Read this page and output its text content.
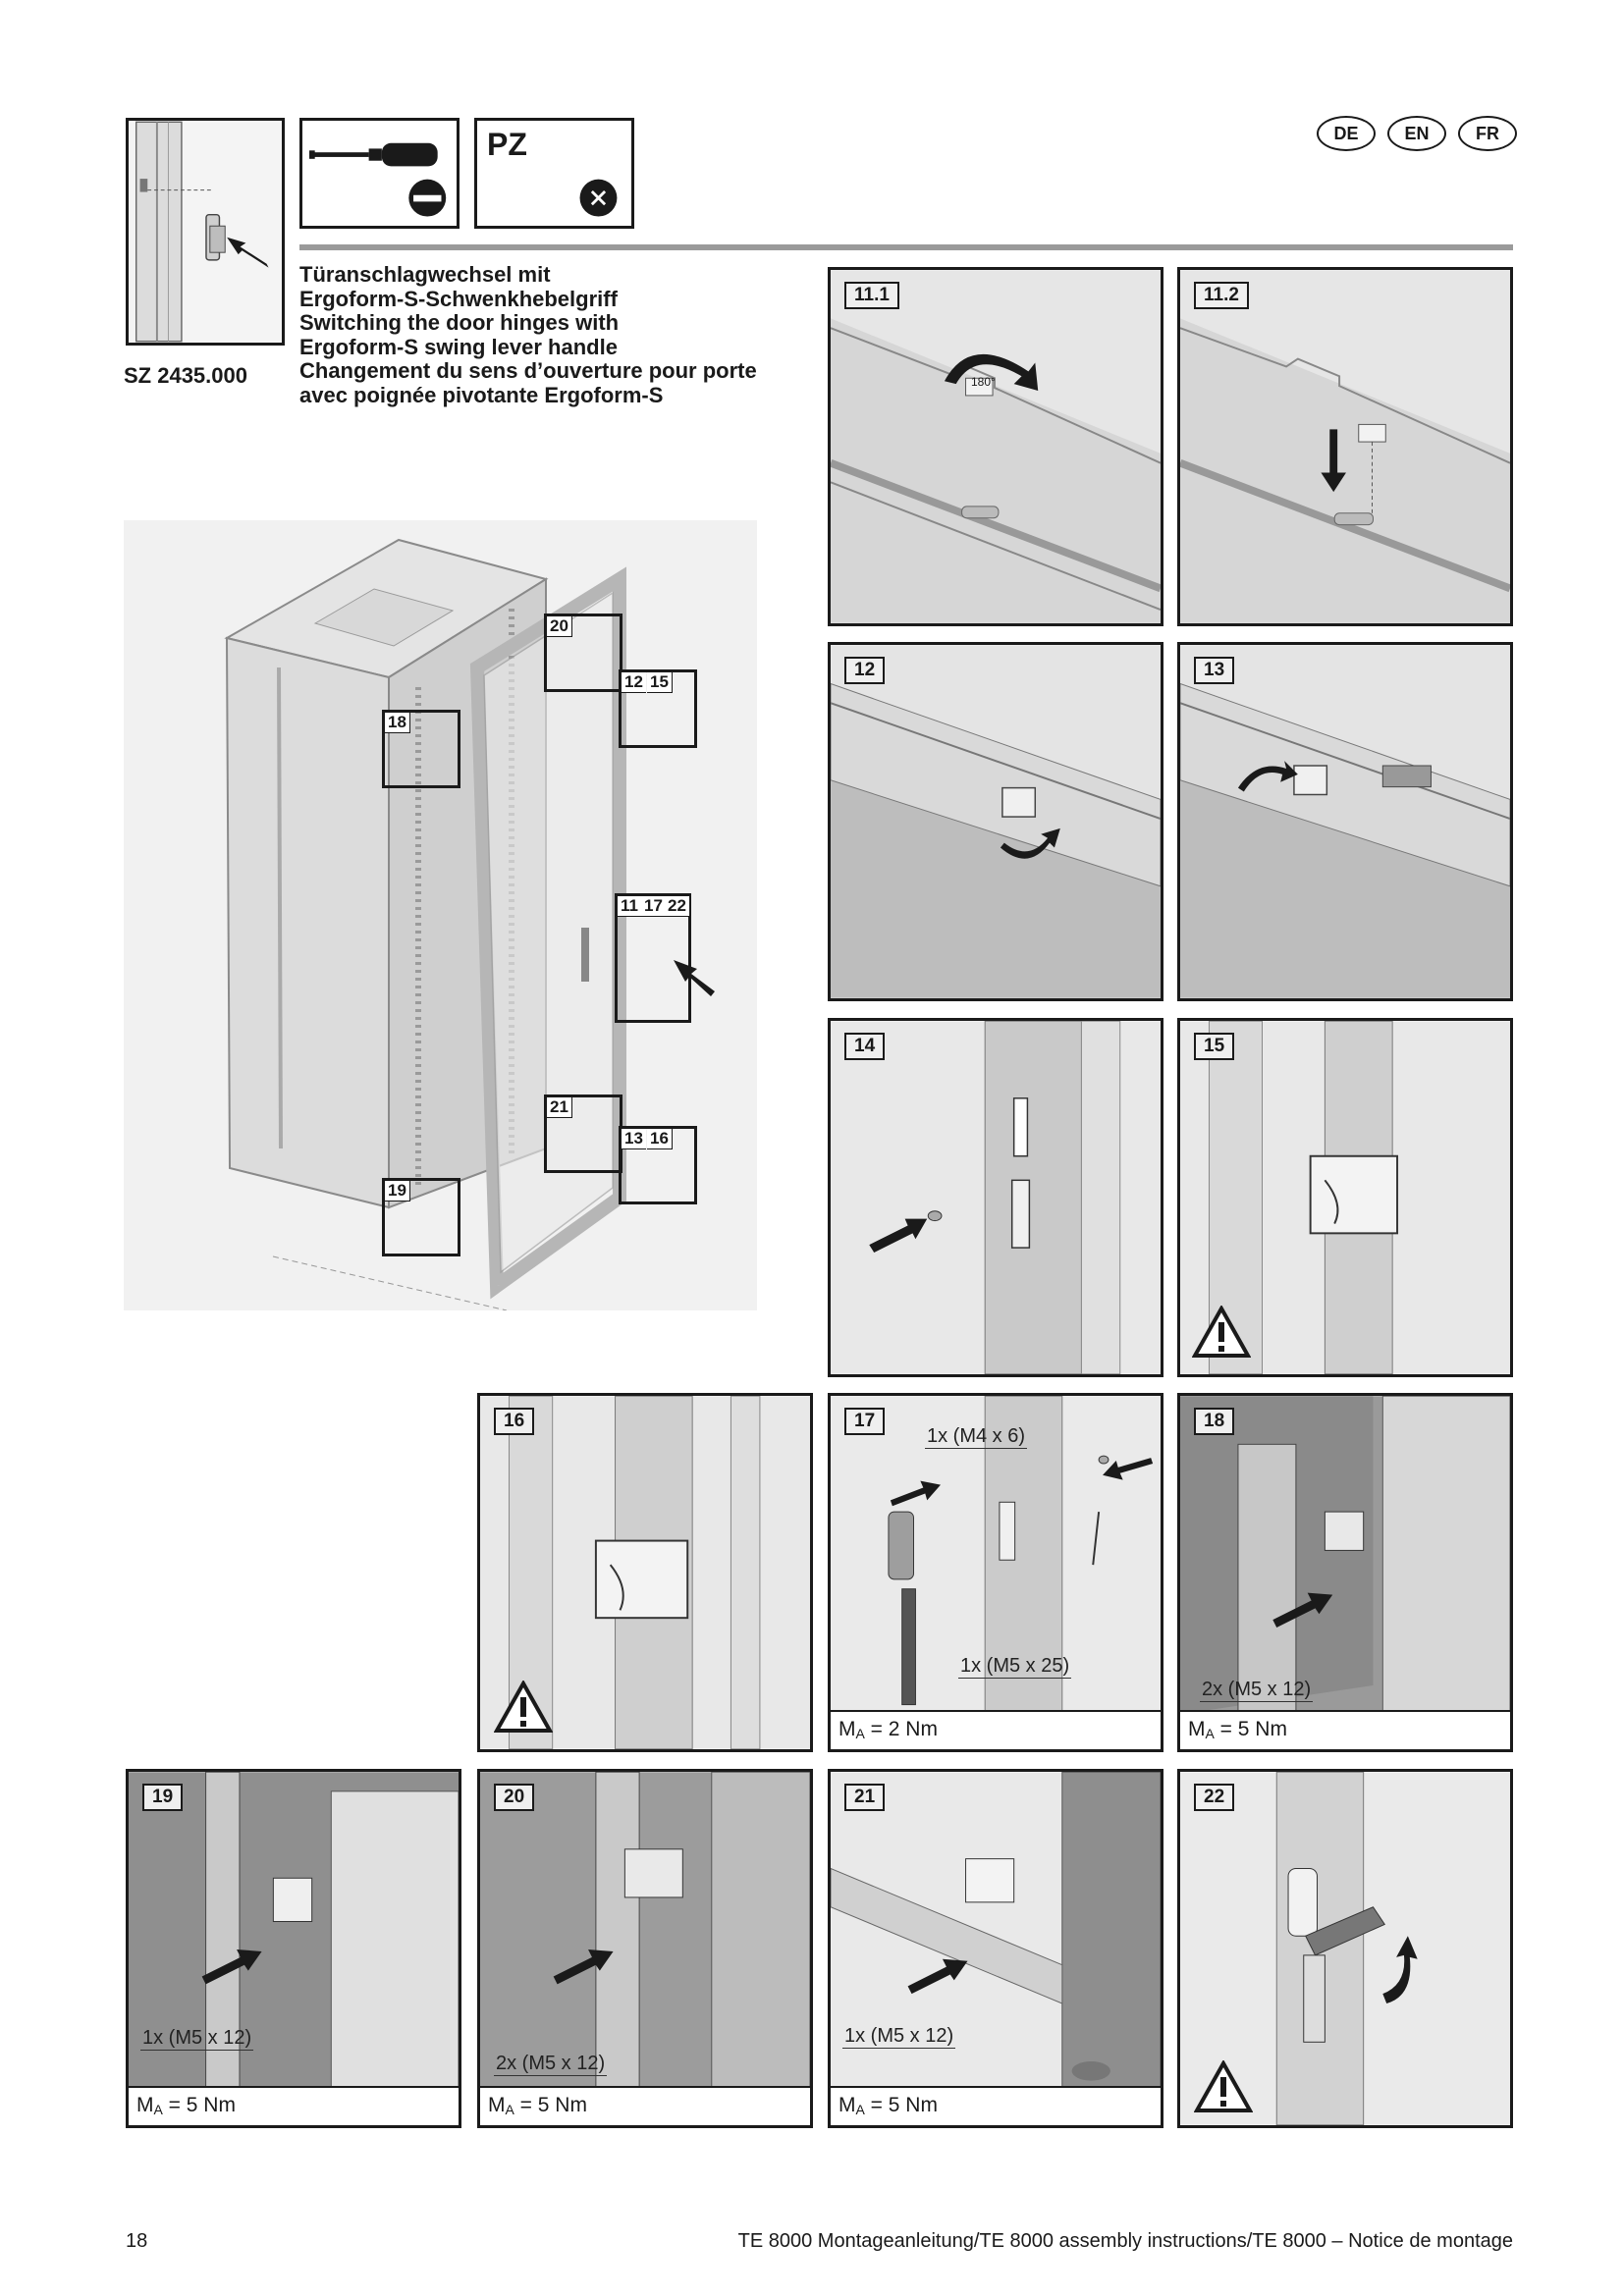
SZ 2435.000
PZ	DE	EN	FR
Türanschlagwechsel mit
Ergoform-S-Schwenkhebelgriff
Switching the door hinges with
Ergoform-S swing lever handle
Changement du sens d’ouverture pour porte
avec poignée pivotante Ergoform-S
20
12 15
18
11 17 22
21
13 16
19
11.1
180°
11.2
12	13
14	15
16	17
1x (M4 x 6)
1x (M5 x 25)
$M_A = 2$ Nm
18
2x (M5 x 12)
$M_A = 5$ Nm
19
1x (M5 x 12)
$M_A = 5$ Nm
20
2x (M5 x 12)
$M_A = 5$ Nm
21
1x (M5 x 12)
$M_A = 5$ Nm
22
18	TE 8000 Montageanleitung/TE 8000 assembly instructions/TE 8000 – Notice de montage
